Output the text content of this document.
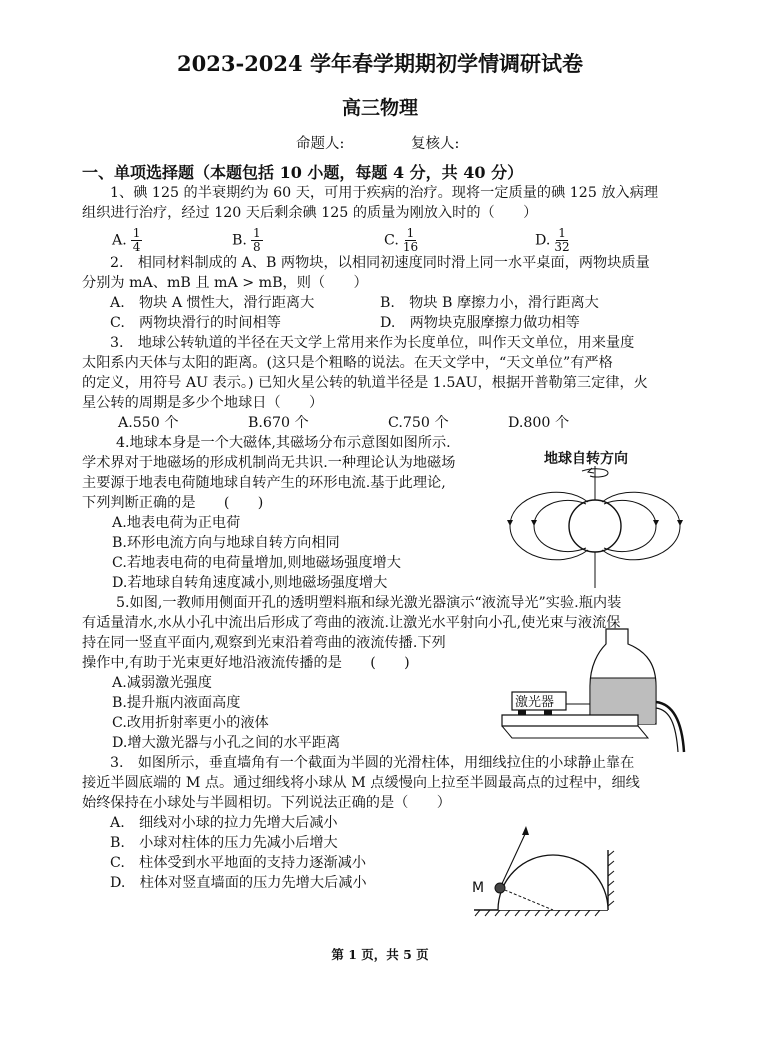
2023-2024 学年春学期期初学情调研试卷
高三物理
命题人:	复核人:
一、单项选择题（本题包括 10 小题，每题 4 分，共 40 分）
1、碘 125 的半衰期约为 60 天，可用于疾病的治疗。现将一定质量的碘 125 放入病理
组织进行治疗，经过 120 天后剩余碘 125 的质量为刚放入时的（　　）
A. $\frac{1}{4}$	B. $\frac{1}{8}$	C. $\frac{1}{16}$	D. $\frac{1}{32}$
2.　相同材料制成的 A、B 两物块，以相同初速度同时滑上同一水平桌面，两物块质量
分别为 mA、mB 且 mA > mB，则（　　）
A.　物块 A 惯性大，滑行距离大	B.　物块 B 摩擦力小，滑行距离大
C.　两物块滑行的时间相等	D.　两物块克服摩擦力做功相等
3.　地球公转轨道的半径在天文学上常用来作为长度单位，叫作天文单位，用来量度
太阳系内天体与太阳的距离。(这只是个粗略的说法。在天文学中，“天文单位”有严格
的定义，用符号 AU 表示。) 已知火星公转的轨道半径是 1.5AU，根据开普勒第三定律，火
星公转的周期是多少个地球日（　　）
A.550 个	B.670 个	C.750 个	D.800 个
4.地球本身是一个大磁体,其磁场分布示意图如图所示.
学术界对于地磁场的形成机制尚无共识.一种理论认为地磁场
主要源于地表电荷随地球自转产生的环形电流.基于此理论,
下列判断正确的是　　(　　)
A.地表电荷为正电荷
B.环形电流方向与地球自转方向相同
C.若地表电荷的电荷量增加,则地磁场强度增大
D.若地球自转角速度减小,则地磁场强度增大
地球自转方向
5.如图,一教师用侧面开孔的透明塑料瓶和绿光激光器演示“液流导光”实验.瓶内装
有适量清水,水从小孔中流出后形成了弯曲的液流.让激光水平射向小孔,使光束与液流保
持在同一竖直平面内,观察到光束沿着弯曲的液流传播.下列
操作中,有助于光束更好地沿液流传播的是　　(　　)
A.减弱激光强度
B.提升瓶内液面高度
C.改用折射率更小的液体
D.增大激光器与小孔之间的水平距离
激光器
3.　如图所示，垂直墙角有一个截面为半圆的光滑柱体，用细线拉住的小球静止靠在
接近半圆底端的 M 点。通过细线将小球从 M 点缓慢向上拉至半圆最高点的过程中，细线
始终保持在小球处与半圆相切。下列说法正确的是（　　）
A.　细线对小球的拉力先增大后减小
B.　小球对柱体的压力先减小后增大
C.　柱体受到水平地面的支持力逐渐减小
D.　柱体对竖直墙面的压力先增大后减小	M
第 1 页，共 5 页
